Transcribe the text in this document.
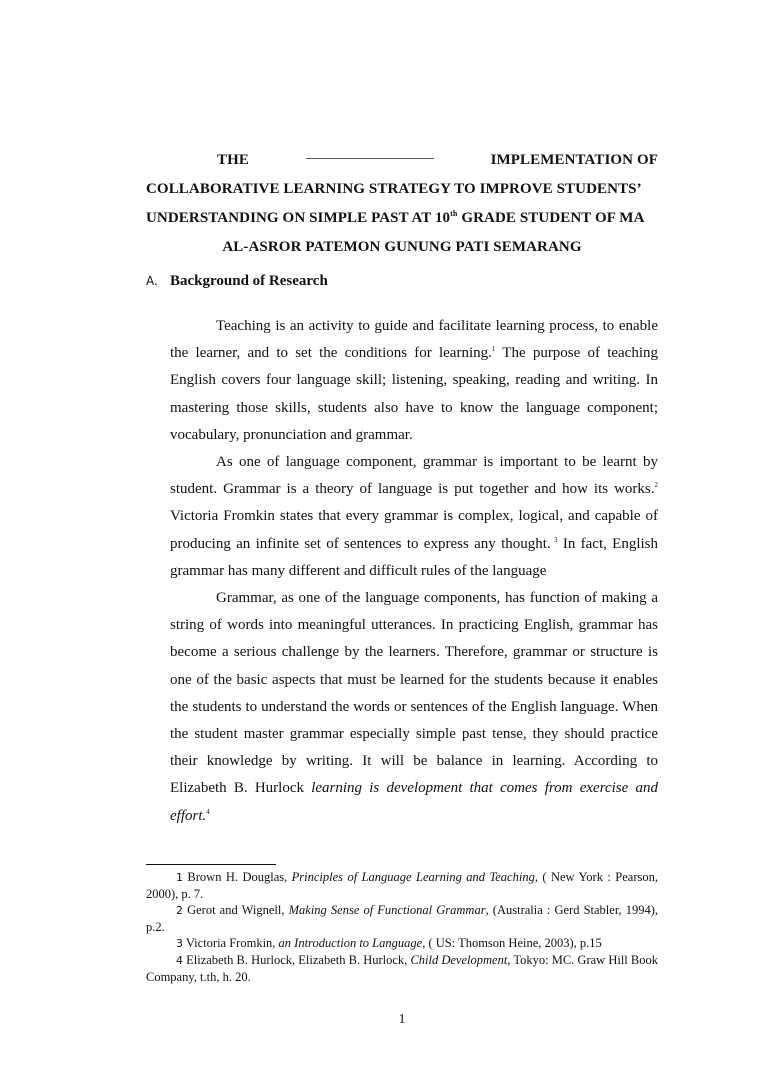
THE	IMPLEMENTATION OF
COLLABORATIVE LEARNING STRATEGY TO IMPROVE STUDENTS’
UNDERSTANDING ON SIMPLE PAST AT 10th GRADE STUDENT OF MA
AL-ASROR PATEMON GUNUNG PATI SEMARANG
A. Background of Research

Teaching is an activity to guide and facilitate learning process, to enable the learner, and to set the conditions for learning.$^1$ The purpose of teaching English covers four language skill; listening, speaking, reading and writing. In mastering those skills, students also have to know the language component; vocabulary, pronunciation and grammar.

As one of language component, grammar is important to be learnt by student. Grammar is a theory of language is put together and how its works.$^2$ Victoria Fromkin states that every grammar is complex, logical, and capable of producing an infinite set of sentences to express any thought. $^3$ In fact, English grammar has many different and difficult rules of the language

Grammar, as one of the language components, has function of making a string of words into meaningful utterances. In practicing English, grammar has become a serious challenge by the learners. Therefore, grammar or structure is one of the basic aspects that must be learned for the students because it enables the students to understand the words or sentences of the English language. When the student master grammar especially simple past tense, they should practice their knowledge by writing. It will be balance in learning. According to Elizabeth B. Hurlock learning is development that comes from exercise and effort.$^4$

1 Brown H. Douglas, Principles of Language Learning and Teaching, ( New York : Pearson, 2000), p. 7.

2 Gerot and Wignell, Making Sense of Functional Grammar, (Australia : Gerd Stabler, 1994), p.2.

3 Victoria Fromkin, an Introduction to Language, ( US: Thomson Heine, 2003), p.15

4 Elizabeth B. Hurlock, Elizabeth B. Hurlock, Child Development, Tokyo: MC. Graw Hill Book Company, t.th, h. 20.

1
